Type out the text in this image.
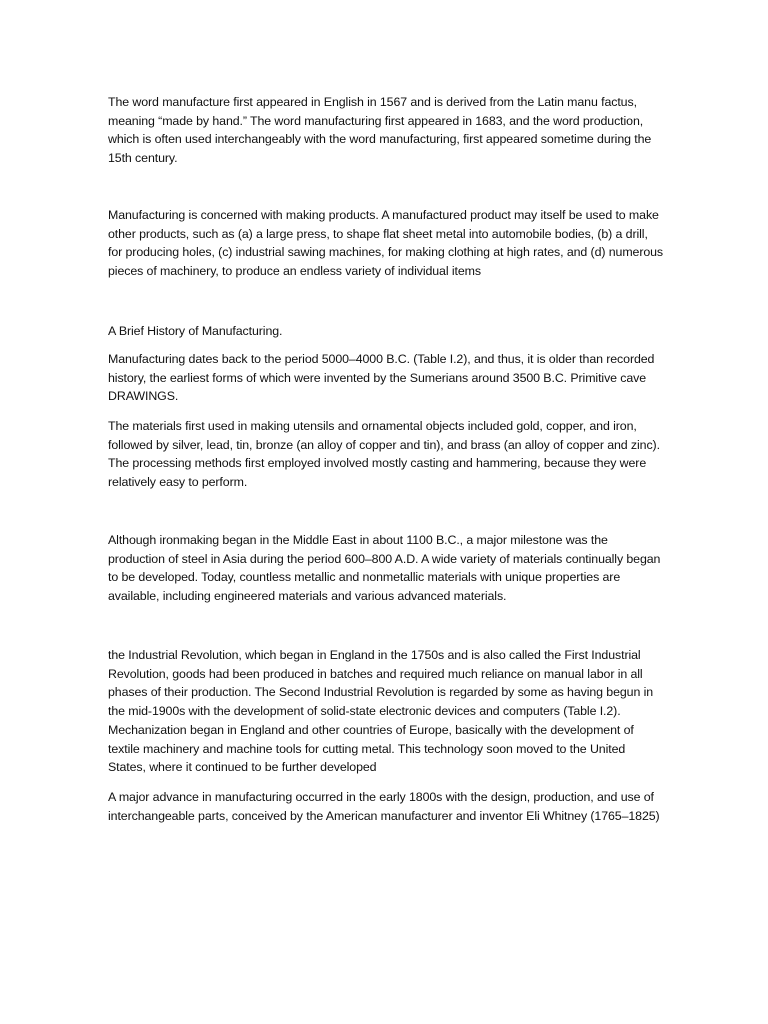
The word manufacture first appeared in English in 1567 and is derived from the Latin manu factus, meaning “made by hand.” The word manufacturing first appeared in 1683, and the word production, which is often used interchangeably with the word manufacturing, first appeared sometime during the 15th century.

Manufacturing is concerned with making products. A manufactured product may itself be used to make other products, such as (a) a large press, to shape flat sheet metal into automobile bodies, (b) a drill, for producing holes, (c) industrial sawing machines, for making clothing at high rates, and (d) numerous pieces of machinery, to produce an endless variety of individual items

A Brief History of Manufacturing.

Manufacturing dates back to the period 5000–4000 B.C. (Table I.2), and thus, it is older than recorded history, the earliest forms of which were invented by the Sumerians around 3500 B.C. Primitive cave DRAWINGS.

The materials first used in making utensils and ornamental objects included gold, copper, and iron, followed by silver, lead, tin, bronze (an alloy of copper and tin), and brass (an alloy of copper and zinc). The processing methods first employed involved mostly casting and hammering, because they were relatively easy to perform.

Although ironmaking began in the Middle East in about 1100 B.C., a major milestone was the production of steel in Asia during the period 600–800 A.D. A wide variety of materials continually began to be developed. Today, countless metallic and nonmetallic materials with unique properties are available, including engineered materials and various advanced materials.

the Industrial Revolution, which began in England in the 1750s and is also called the First Industrial Revolution, goods had been produced in batches and required much reliance on manual labor in all phases of their production. The Second Industrial Revolution is regarded by some as having begun in the mid-1900s with the development of solid-state electronic devices and computers (Table I.2). Mechanization began in England and other countries of Europe, basically with the development of textile machinery and machine tools for cutting metal. This technology soon moved to the United States, where it continued to be further developed

A major advance in manufacturing occurred in the early 1800s with the design, production, and use of interchangeable parts, conceived by the American manufacturer and inventor Eli Whitney (1765–1825)
